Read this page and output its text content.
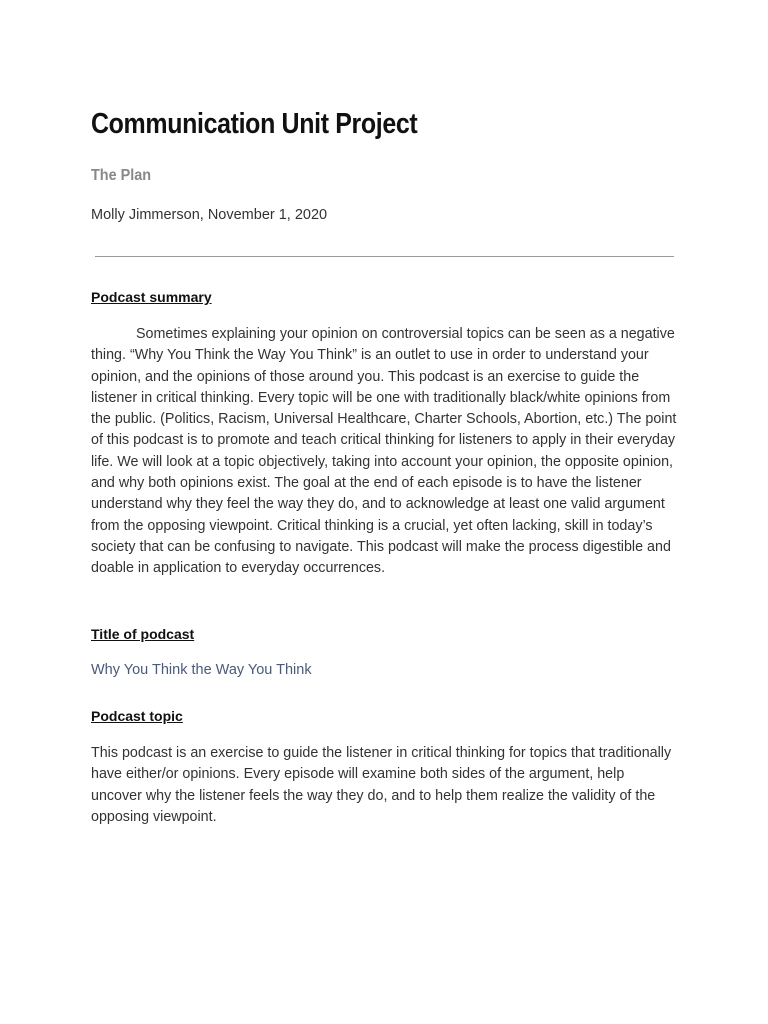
Communication Unit Project
The Plan
Molly Jimmerson, November 1, 2020
Podcast summary

Sometimes explaining your opinion on controversial topics can be seen as a negative thing. “Why You Think the Way You Think” is an outlet to use in order to understand your opinion, and the opinions of those around you. This podcast is an exercise to guide the listener in critical thinking. Every topic will be one with traditionally black/white opinions from the public. (Politics, Racism, Universal Healthcare, Charter Schools, Abortion, etc.) The point of this podcast is to promote and teach critical thinking for listeners to apply in their everyday life. We will look at a topic objectively, taking into account your opinion, the opposite opinion, and why both opinions exist. The goal at the end of each episode is to have the listener understand why they feel the way they do, and to acknowledge at least one valid argument from the opposing viewpoint. Critical thinking is a crucial, yet often lacking, skill in today’s society that can be confusing to navigate. This podcast will make the process digestible and doable in application to everyday occurrences.

Title of podcast
Why You Think the Way You Think
Podcast topic

This podcast is an exercise to guide the listener in critical thinking for topics that traditionally have either/or opinions. Every episode will examine both sides of the argument, help uncover why the listener feels the way they do, and to help them realize the validity of the opposing viewpoint.
